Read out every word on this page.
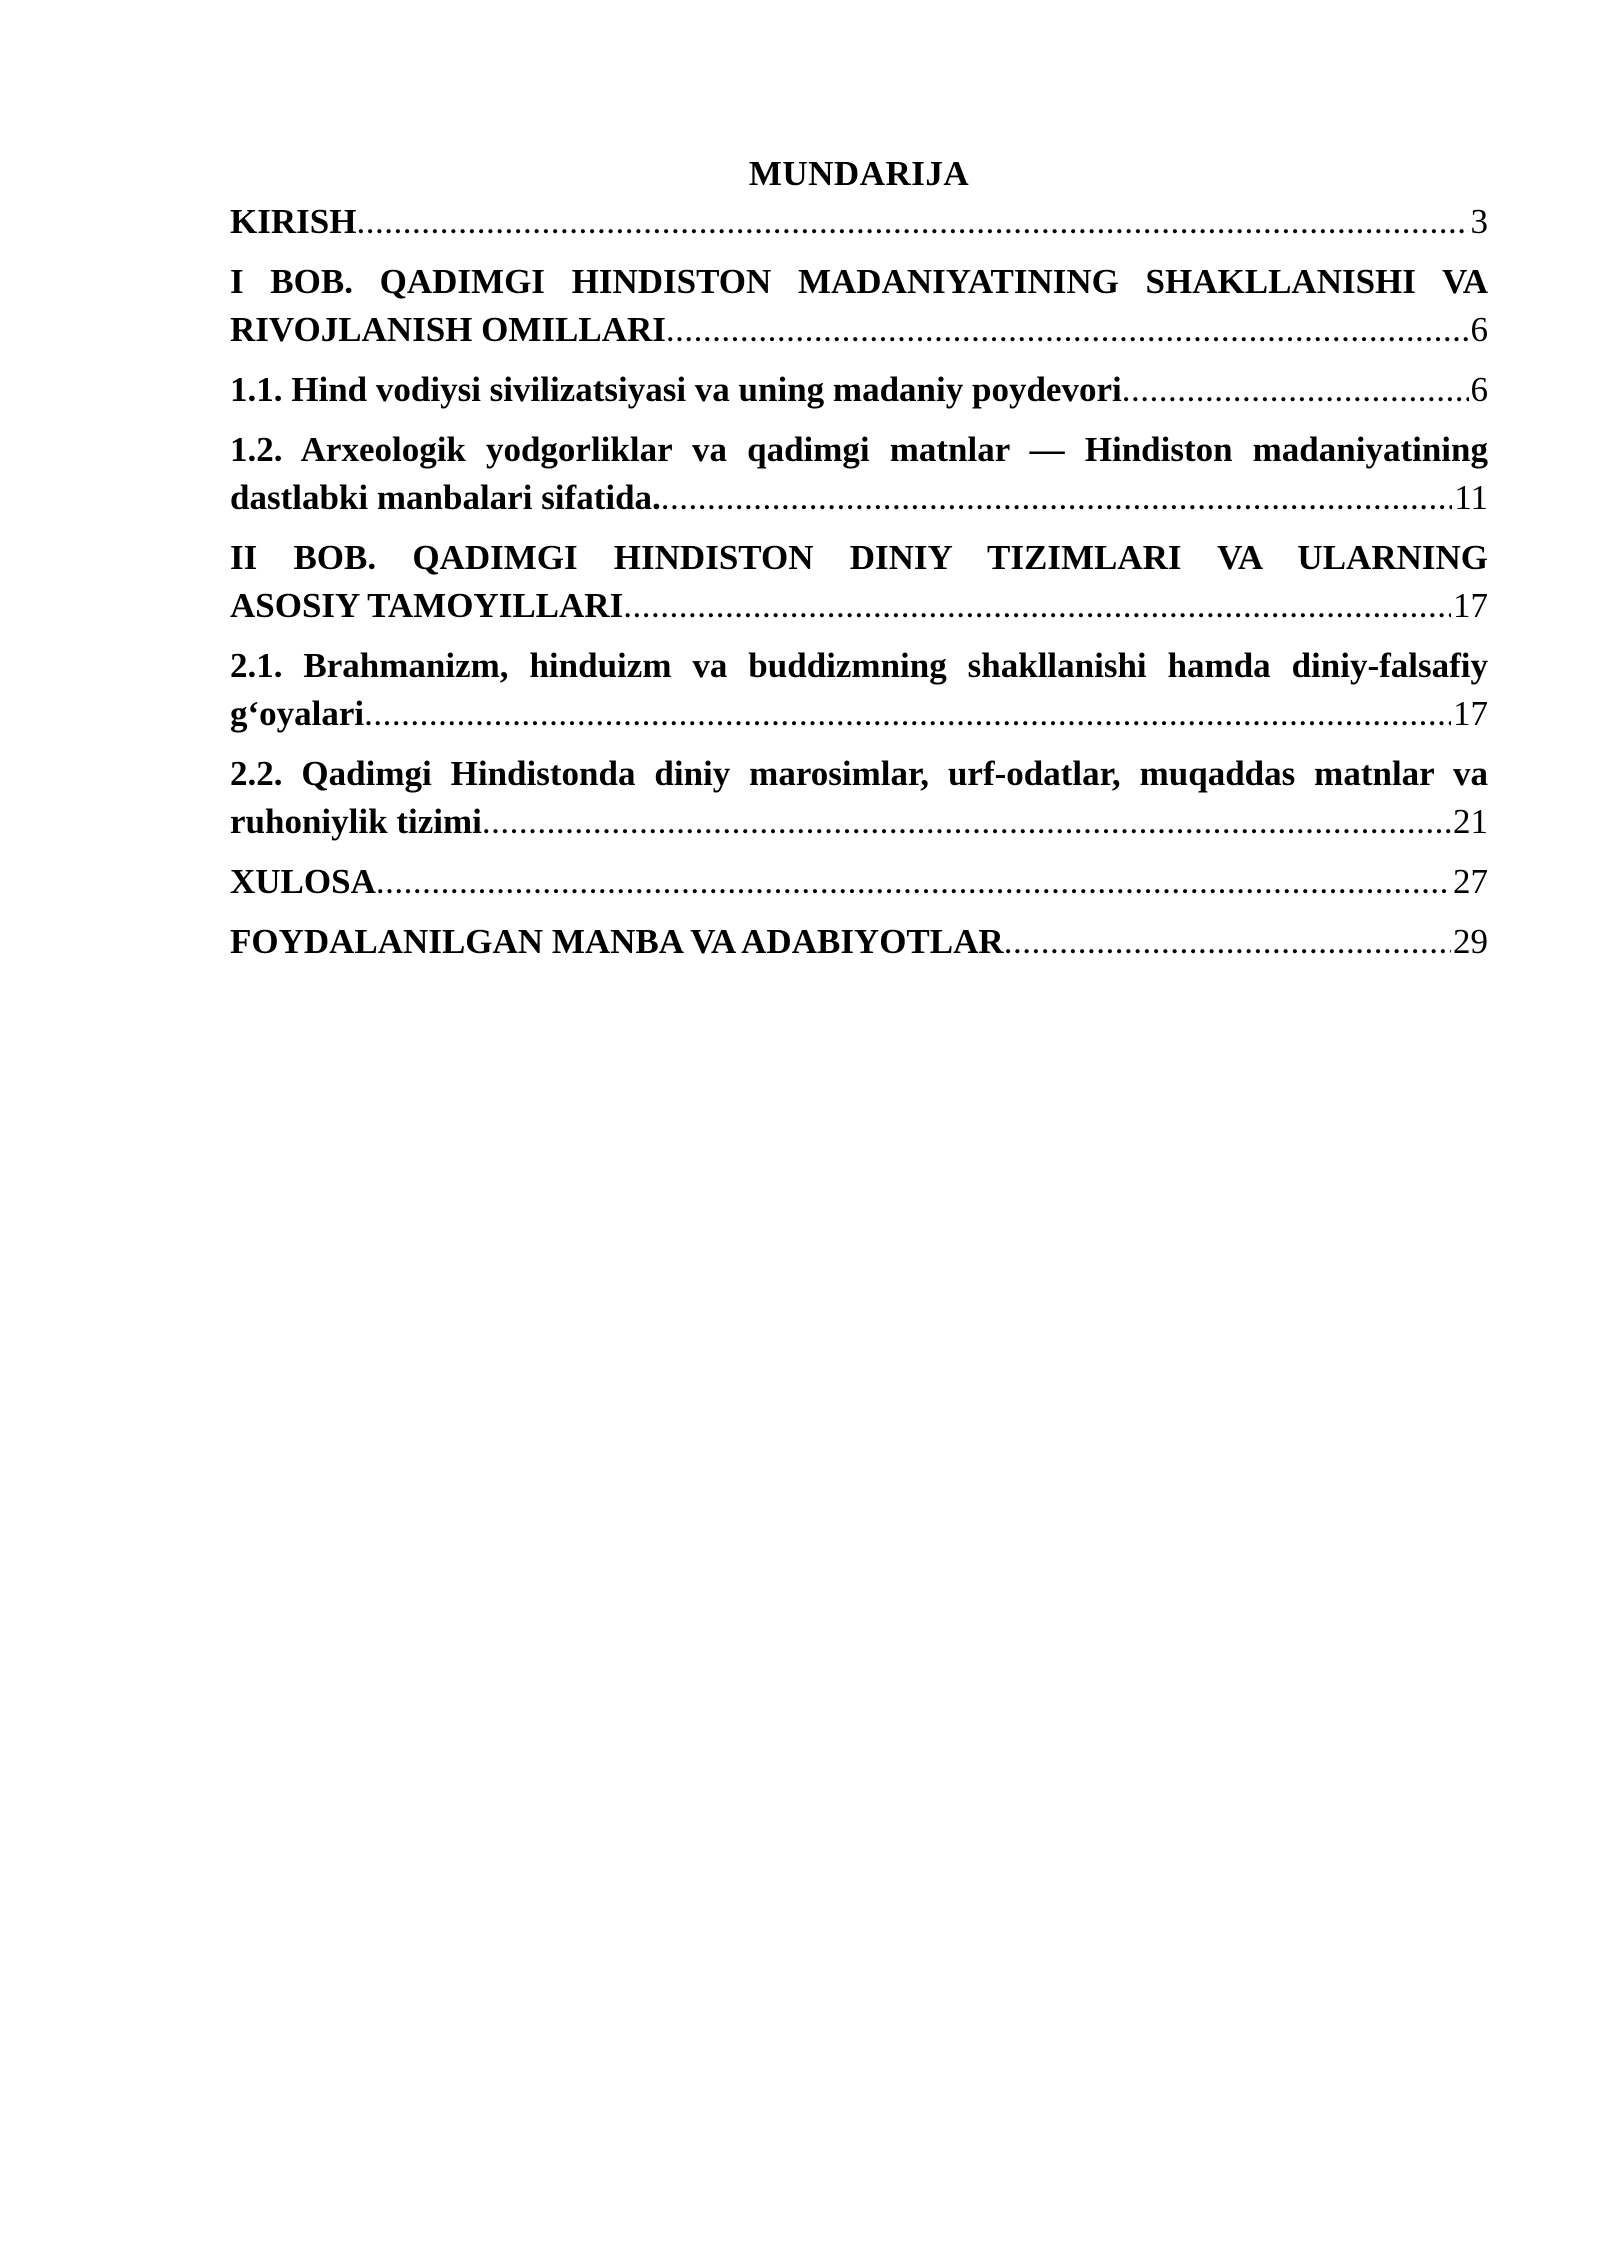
MUNDARIJA
KIRISH .....	3
I BOB. QADIMGI HINDISTON MADANIYATINING SHAKLLANISHI VA
RIVOJLANISH OMILLARI .....	6
1.1. Hind vodiysi sivilizatsiyasi va uning madaniy poydevori .....	6
1.2. Arxeologik yodgorliklar va qadimgi matnlar — Hindiston madaniyatining
dastlabki manbalari sifatida. .....	11
II BOB. QADIMGI HINDISTON DINIY TIZIMLARI VA ULARNING
ASOSIY TAMOYILLARI .....	17
2.1. Brahmanizm, hinduizm va buddizmning shakllanishi hamda diniy-falsafiy
g‘oyalari .....	17
2.2. Qadimgi Hindistonda diniy marosimlar, urf-odatlar, muqaddas matnlar va
ruhoniylik tizimi .....	21
XULOSA .....	27
FOYDALANILGAN MANBA VA ADABIYOTLAR .....	29
